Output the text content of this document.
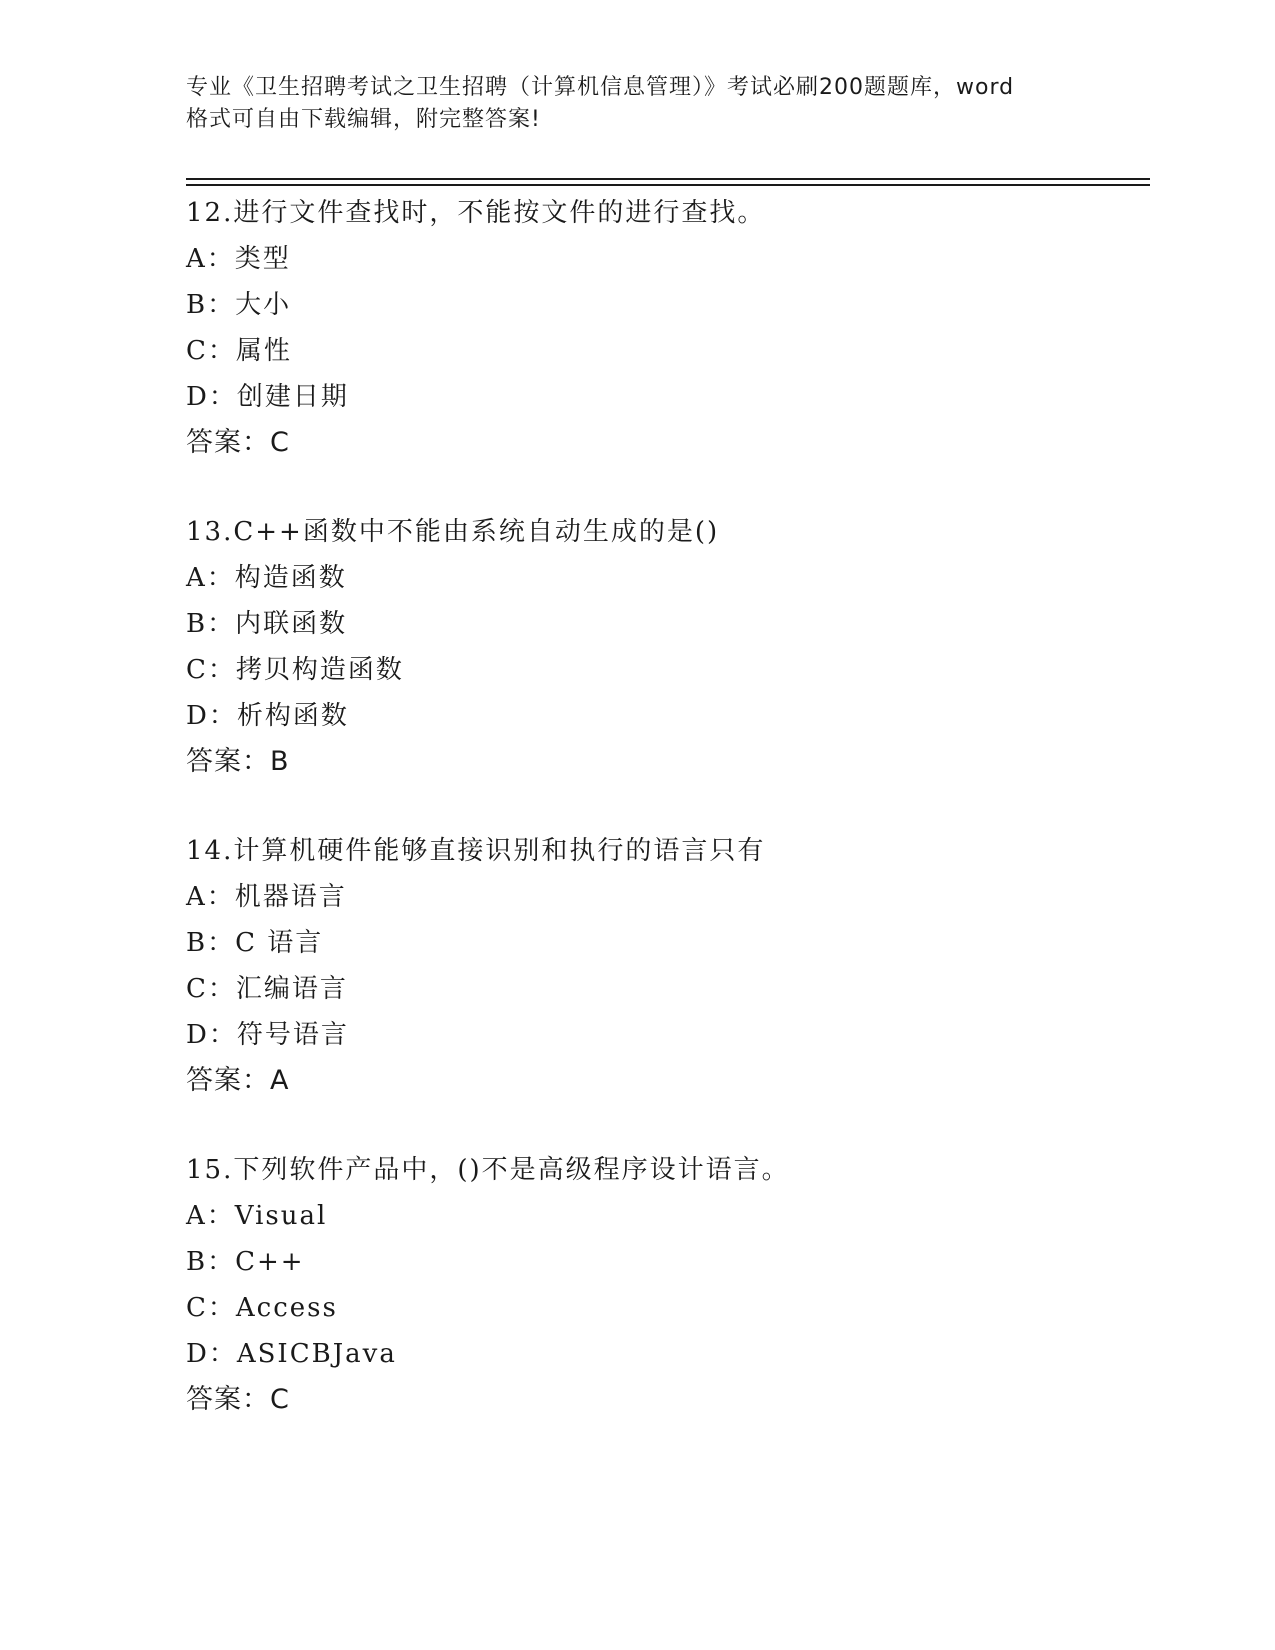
专业《卫生招聘考试之卫生招聘（计算机信息管理）》考试必刷200题题库，word
格式可自由下载编辑，附完整答案!
12.进行文件查找时，不能按文件的进行查找。
A：类型
B：大小
C：属性
D：创建日期
答案：C
13.C++函数中不能由系统自动生成的是()
A：构造函数
B：内联函数
C：拷贝构造函数
D：析构函数
答案：B
14.计算机硬件能够直接识别和执行的语言只有
A：机器语言
B：C 语言
C：汇编语言
D：符号语言
答案：A
15.下列软件产品中，()不是高级程序设计语言。
A：Visual
B：C++
C：Access
D：ASICBJava
答案：C
